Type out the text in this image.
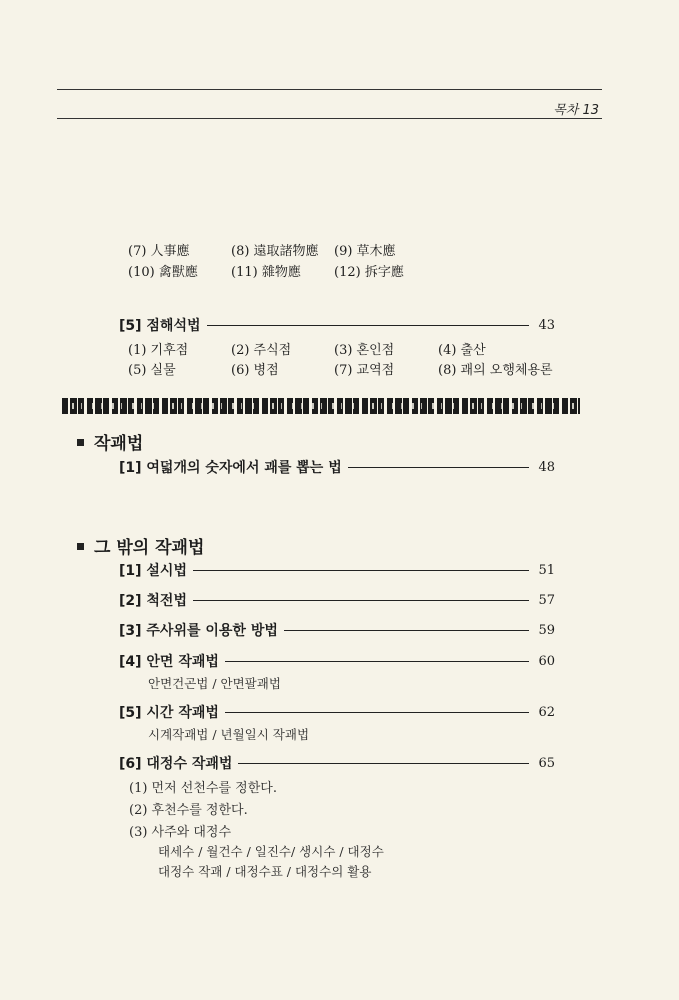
목차 13
(7) 人事應	(8) 遠取諸物應 (9) 草木應
(10) 禽獸應	(11) 雜物應	(12) 拆字應
[5] 점해석법	43
(1) 기후점	(2) 주식점	(3) 혼인점	(4) 출산
(5) 실물	(6) 병점	(7) 교역점	(8) 괘의 오행체용론
작괘법
[1] 여덟개의 숫자에서 괘를 뽑는 법	48
그 밖의 작괘법
[1] 설시법	51
[2] 척전법	57
[3] 주사위를 이용한 방법	59
[4] 안면 작괘법	60
안면건곤법 / 안면팔괘법
[5] 시간 작괘법	62
시계작괘법 / 년월일시 작괘법
[6] 대정수 작괘법	65
(1) 먼저 선천수를 정한다.
(2) 후천수를 정한다.
(3) 사주와 대정수
태세수 / 월건수 / 일진수/ 생시수 / 대정수
대정수 작괘 / 대정수표 / 대정수의 활용
